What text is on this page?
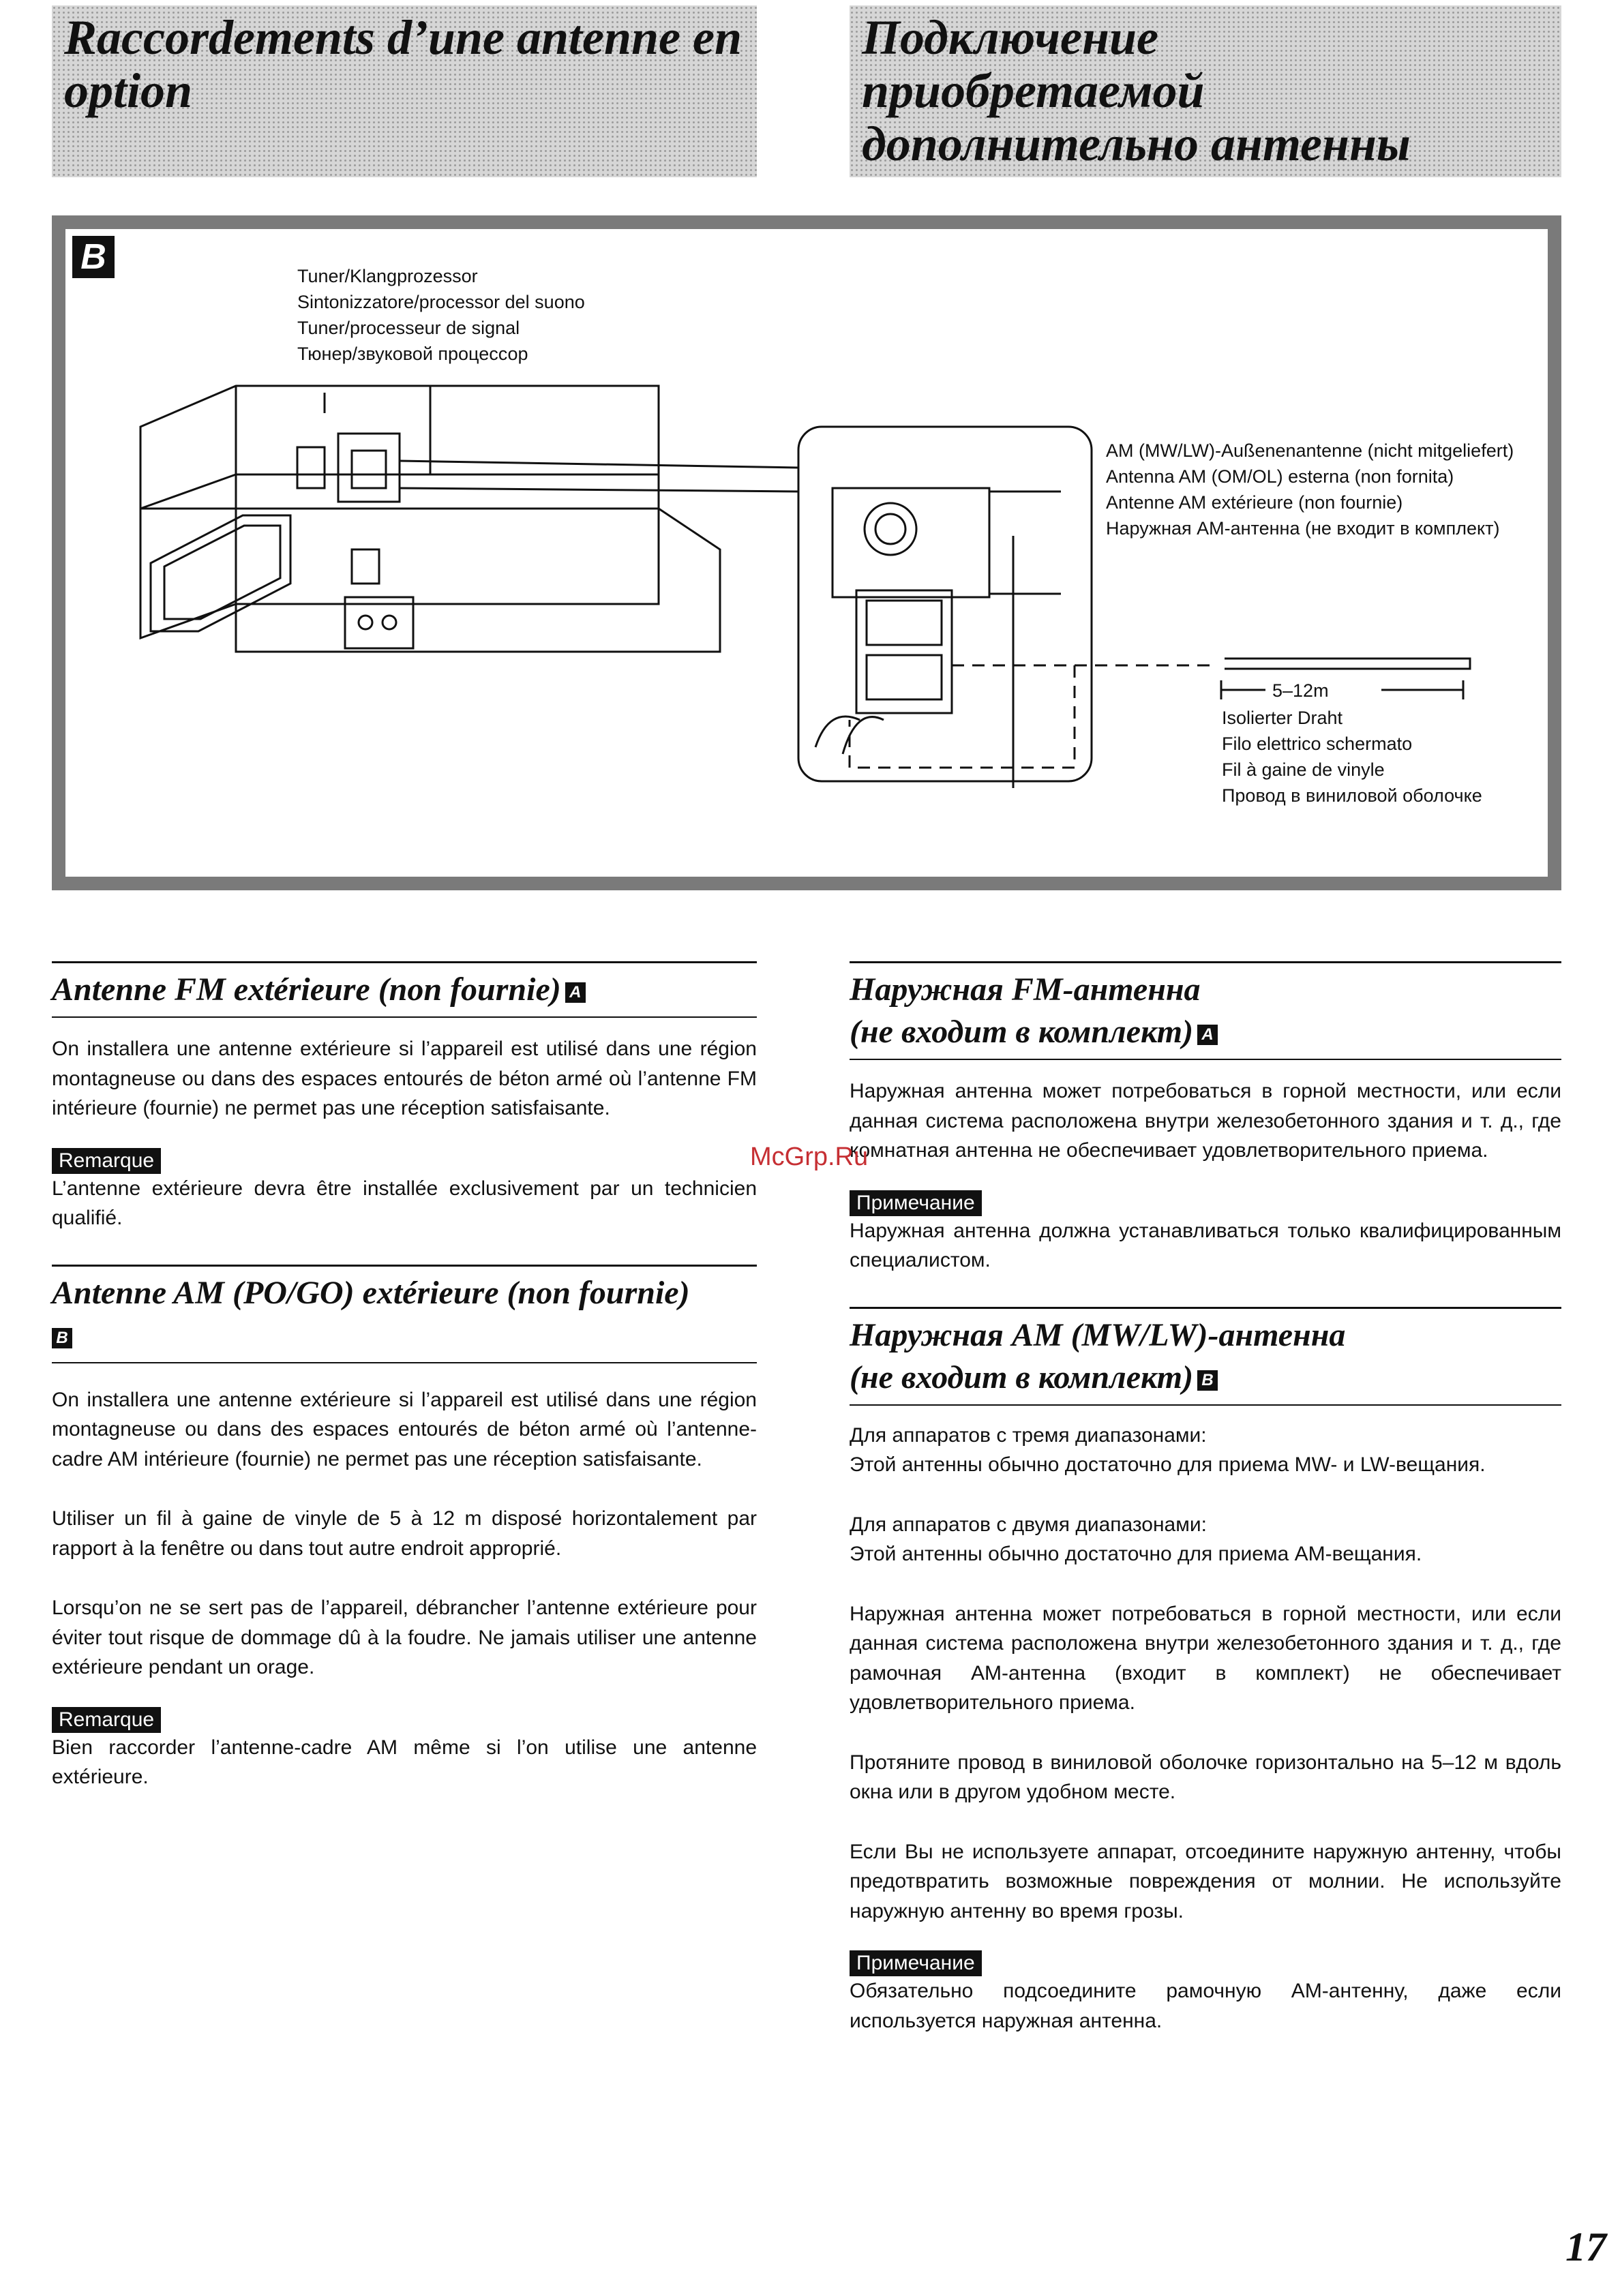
Raccordements d’une antenne en
option
Подключение
приобретаемой
дополнительно антенны
B	Tuner/Klangprozessor
Sintonizzatore/processor del suono
Tuner/processeur de signal
Тюнер/звуковой процессор
AM (MW/LW)-Außenenantenne (nicht mitgeliefert)
Antenna AM (OM/OL) esterna (non fornita)
Antenne AM extérieure (non fournie)
Наружная АМ-антенна (не входит в комплект)
5–12m
Isolierter Draht
Filo elettrico schermato
Fil à gaine de vinyle
Провод в виниловой оболочке
Antenne FM extérieure (non fournie) A

On installera une antenne extérieure si l’appareil est utilisé dans une région montagneuse ou dans des espaces entourés de béton armé où l’antenne FM intérieure (fournie) ne permet pas une réception satisfaisante.

Remarque

L’antenne extérieure devra être installée exclusivement par un technicien qualifié.

Antenne AM (PO/GO) extérieure (non fournie)
B

On installera une antenne extérieure si l’appareil est utilisé dans une région montagneuse ou dans des espaces entourés de béton armé où l’antenne-cadre AM intérieure (fournie) ne permet pas une réception satisfaisante.

Utiliser un fil à gaine de vinyle de 5 à 12 m disposé horizontalement par rapport à la fenêtre ou dans tout autre endroit approprié.

Lorsqu’on ne se sert pas de l’appareil, débrancher l’antenne extérieure pour éviter tout risque de dommage dû à la foudre. Ne jamais utiliser une antenne extérieure pendant un orage.

Remarque

Bien raccorder l’antenne-cadre AM même si l’on utilise une antenne extérieure.

Наружная FM-антенна
(не входит в комплект) A

Наружная антенна может потребоваться в горной местности, или если данная система расположена внутри железобетонного здания и т. д., где комнатная антенна не обеспечивает удовлетворительного приема.

Примечание

Наружная антенна должна устанавливаться только квалифицированным специалистом.

Наружная AM (MW/LW)-антенна
(не входит в комплект) B

Для аппаратов с тремя диапазонами:

Этой антенны обычно достаточно для приема MW- и LW-вещания.

Для аппаратов с двумя диапазонами:

Этой антенны обычно достаточно для приема АМ-вещания.

Наружная антенна может потребоваться в горной местности, или если данная система расположена внутри железобетонного здания и т. д., где рамочная АМ-антенна (входит в комплект) не обеспечивает удовлетворительного приема.

Протяните провод в виниловой оболочке горизонтально на 5–12 м вдоль окна или в другом удобном месте.

Если Вы не используете аппарат, отсоедините наружную антенну, чтобы предотвратить возможные повреждения от молнии. Не используйте наружную антенну во время грозы.

Примечание

Обязательно подсоедините рамочную АМ-антенну, даже если используется наружная антенна.

McGrp.Ru
17
